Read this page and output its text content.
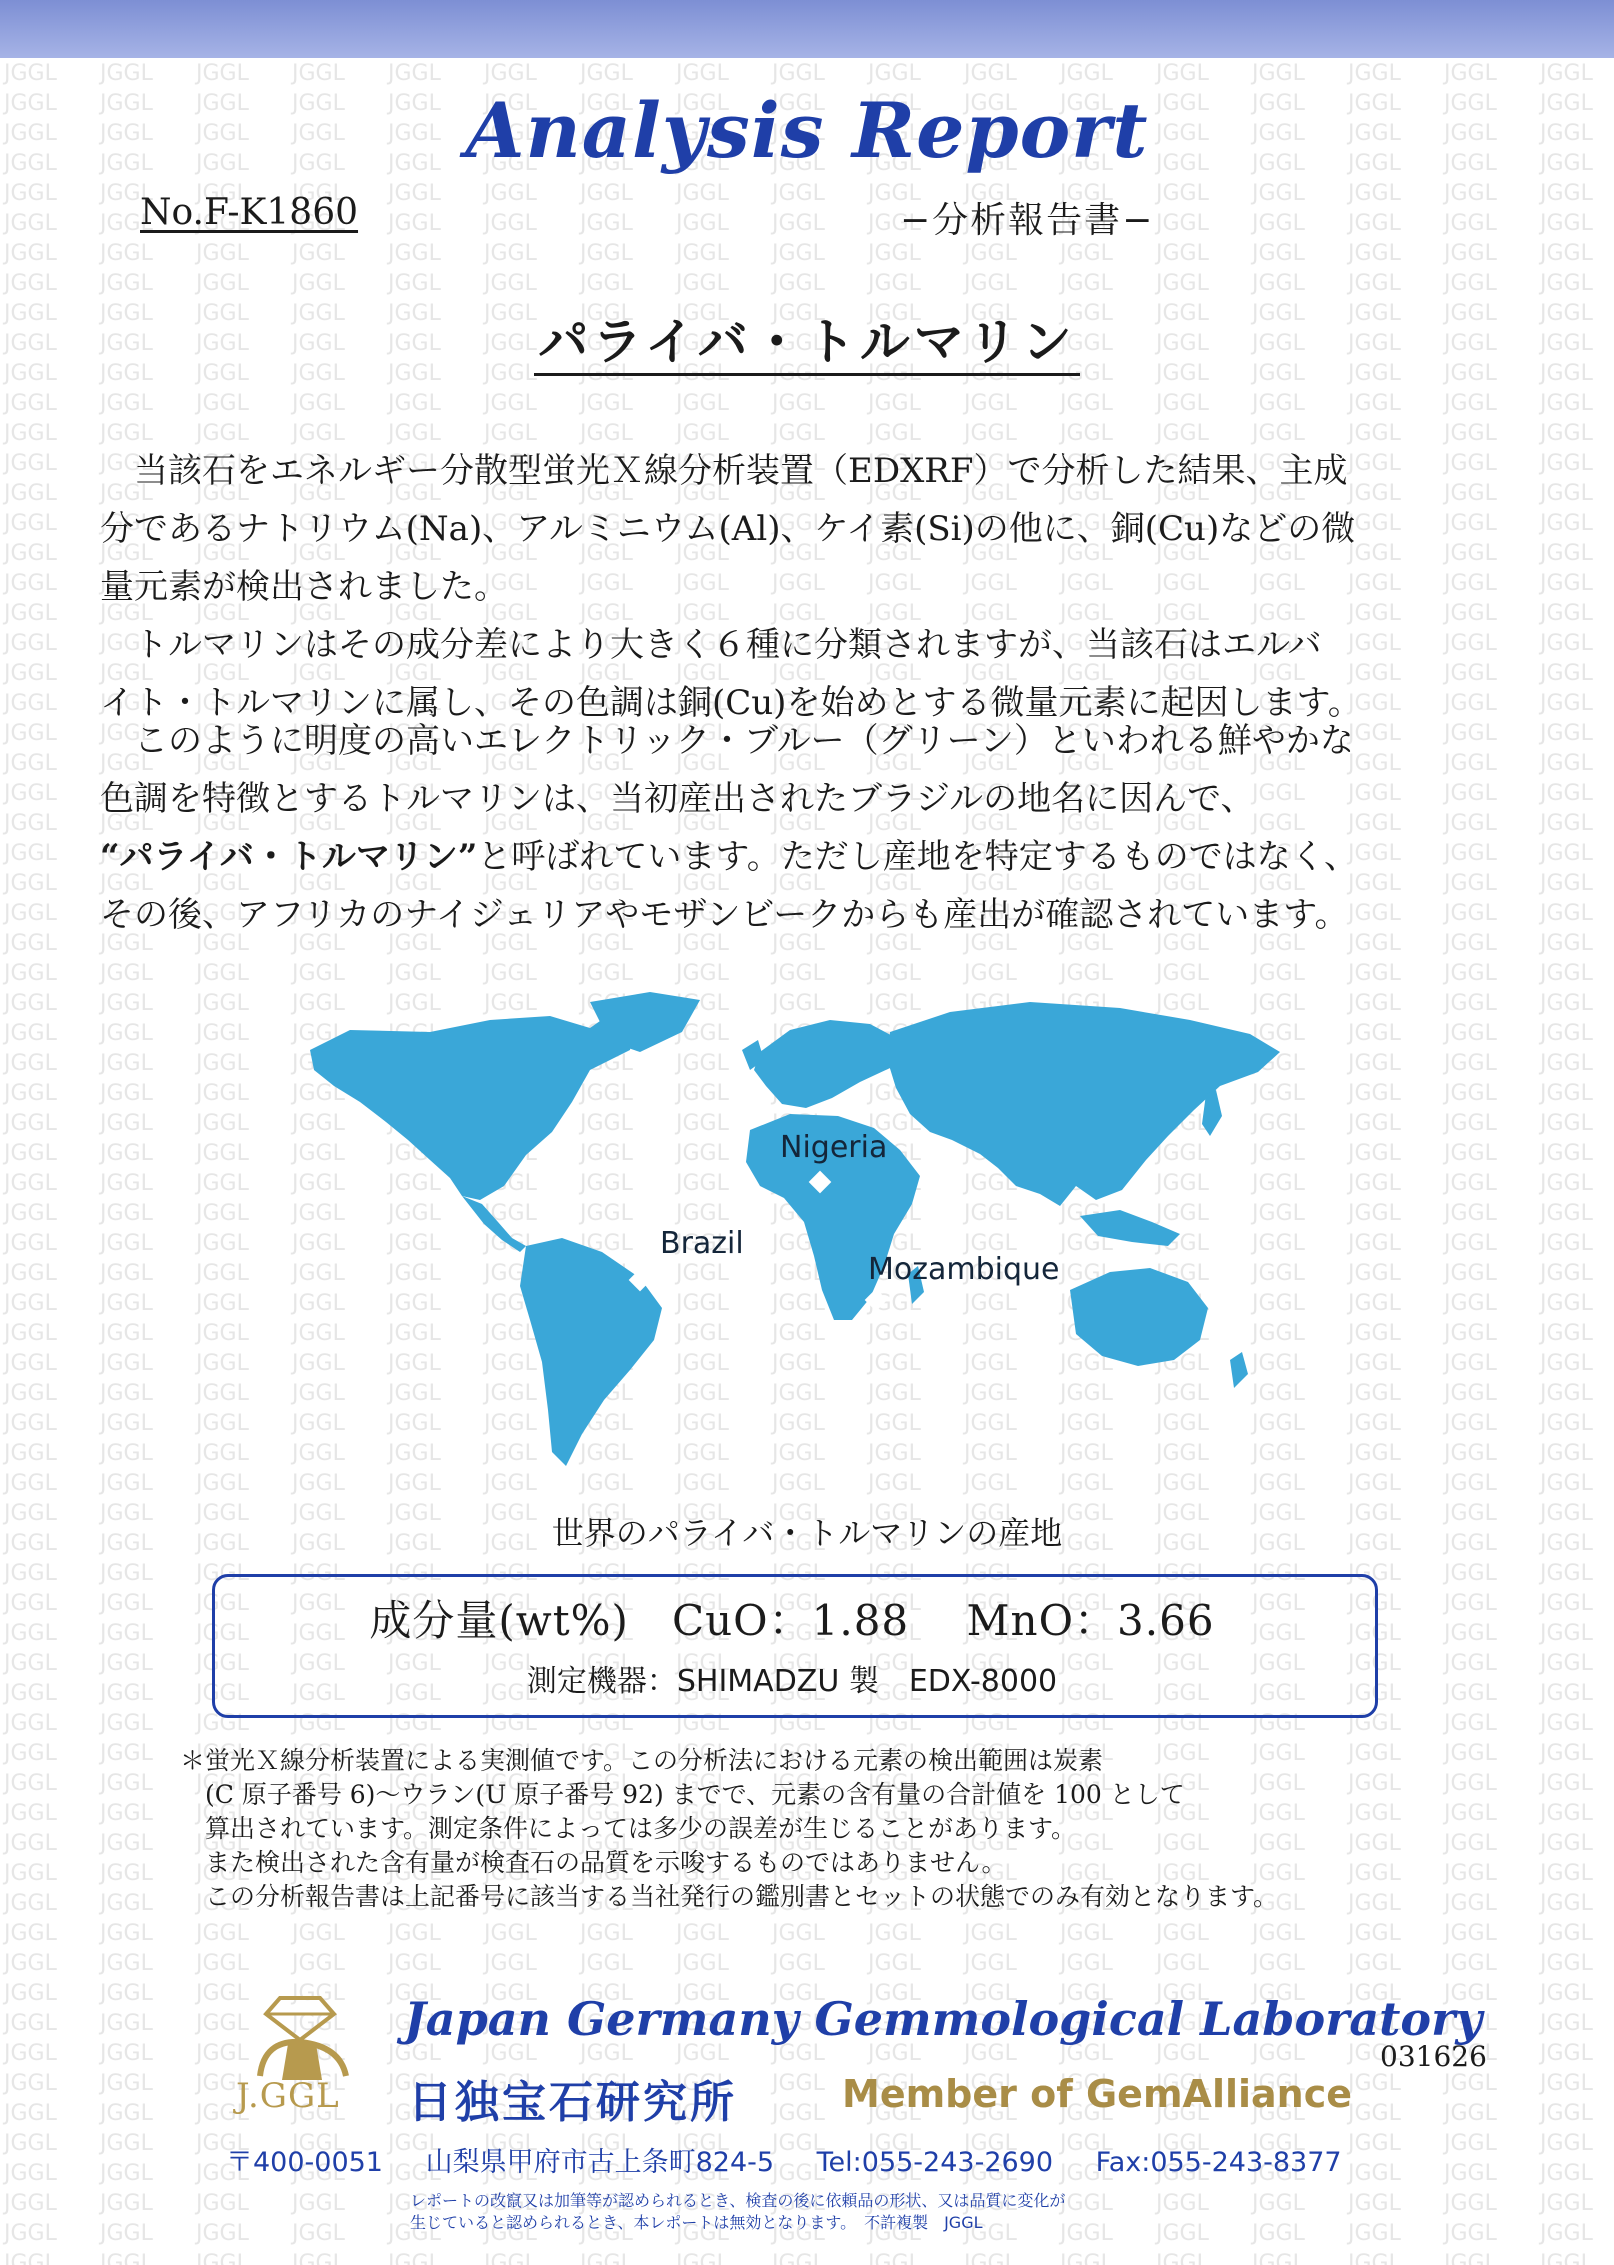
Analysis Report
No.F-K1860	−分析報告書−
パライバ・トルマリン
　当該石をエネルギー分散型蛍光Ｘ線分析装置（EDXRF）で分析した結果、主成
分であるナトリウム(Na)、アルミニウム(Al)、ケイ素(Si)の他に、銅(Cu)などの微
量元素が検出されました。
　トルマリンはその成分差により大きく６種に分類されますが、当該石はエルバ
イト・トルマリンに属し、その色調は銅(Cu)を始めとする微量元素に起因します。
　このように明度の高いエレクトリック・ブルー（グリーン）といわれる鮮やかな
色調を特徴とするトルマリンは、当初産出されたブラジルの地名に因んで、
“パライバ・トルマリン”と呼ばれています。ただし産地を特定するものではなく、
その後、アフリカのナイジェリアやモザンビークからも産出が確認されています。
Nigeria
Brazil
Mozambique
世界のパライバ・トルマリンの産地
成分量(wt%) CuO：1.88 MnO：3.66
測定機器：SHIMADZU 製　EDX-8000
＊蛍光Ｘ線分析装置による実測値です。この分析法における元素の検出範囲は炭素
　(C 原子番号 6)～ウラン(U 原子番号 92) までで、元素の含有量の合計値を 100 として
　算出されています。測定条件によっては多少の誤差が生じることがあります。
　また検出された含有量が検査石の品質を示唆するものではありません。
　この分析報告書は上記番号に該当する当社発行の鑑別書とセットの状態でのみ有効となります。
J.GGL
Japan Germany Gemmological Laboratory
日独宝石研究所	Member of GemAlliance
031626
〒400-0051 山梨県甲府市古上条町824-5 Tel:055-243-2690 Fax:055-243-8377
レポートの改竄又は加筆等が認められるとき、検査の後に依頼品の形状、又は品質に変化が
生じていると認められるとき、本レポートは無効となります。　不許複製　JGGL
